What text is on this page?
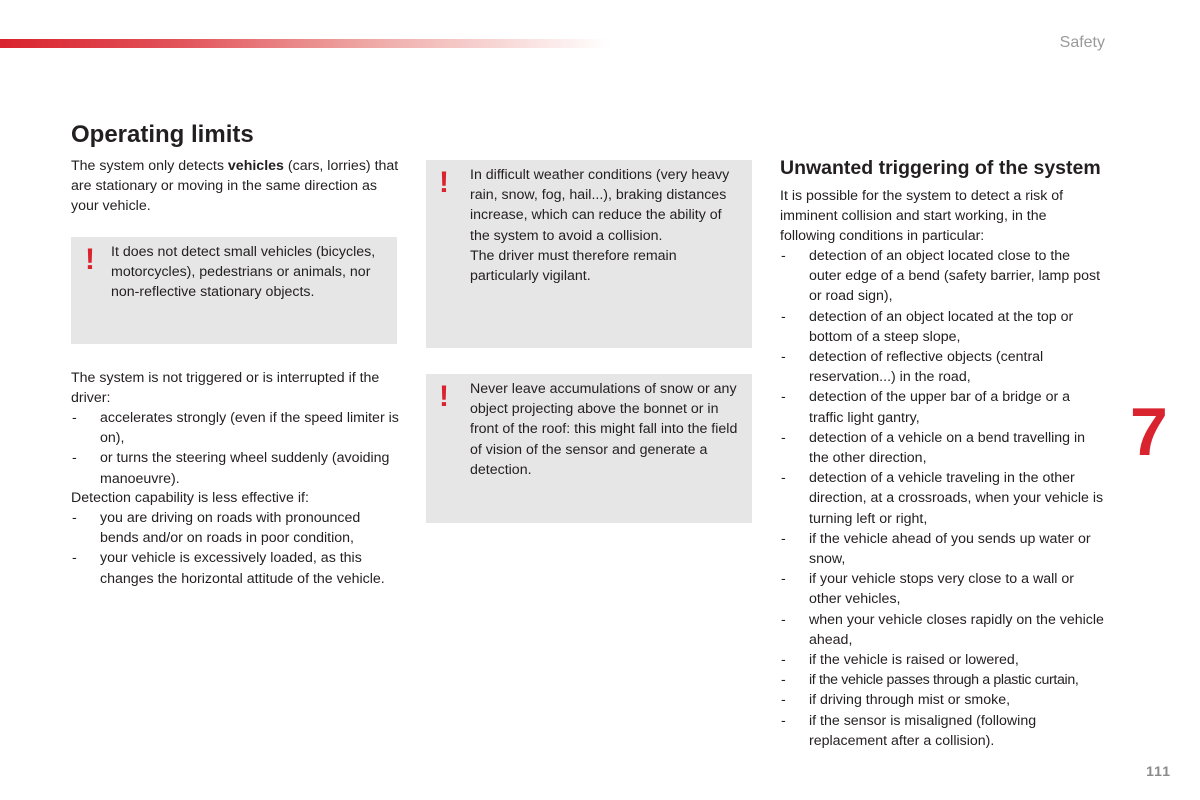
Safety
Operating limits

The system only detects vehicles (cars, lorries) that are stationary or moving in the same direction as your vehicle.

! It does not detect small vehicles (bicycles, motorcycles), pedestrians or animals, nor non-reflective stationary objects.

The system is not triggered or is interrupted if the driver:

- accelerates strongly (even if the speed limiter is on),
- or turns the steering wheel suddenly (avoiding manoeuvre).

Detection capability is less effective if:

- you are driving on roads with pronounced bends and/or on roads in poor condition,
- your vehicle is excessively loaded, as this changes the horizontal attitude of the vehicle.
! In difficult weather conditions (very heavy rain, snow, fog, hail...), braking distances increase, which can reduce the ability of the system to avoid a collision.
The driver must therefore remain particularly vigilant.
! Never leave accumulations of snow or any object projecting above the bonnet or in front of the roof: this might fall into the field of vision of the sensor and generate a detection.

Unwanted triggering of the system

It is possible for the system to detect a risk of imminent collision and start working, in the following conditions in particular:

- detection of an object located close to the outer edge of a bend (safety barrier, lamp post or road sign),
- detection of an object located at the top or bottom of a steep slope,
- detection of reflective objects (central reservation...) in the road,
- detection of the upper bar of a bridge or a traffic light gantry,
- detection of a vehicle on a bend travelling in the other direction,
- detection of a vehicle traveling in the other direction, at a crossroads, when your vehicle is turning left or right,
- if the vehicle ahead of you sends up water or snow,
- if your vehicle stops very close to a wall or other vehicles,
- when your vehicle closes rapidly on the vehicle ahead,
- if the vehicle is raised or lowered,
- if the vehicle passes through a plastic curtain,
- if driving through mist or smoke,
- if the sensor is misaligned (following replacement after a collision).
7
111
